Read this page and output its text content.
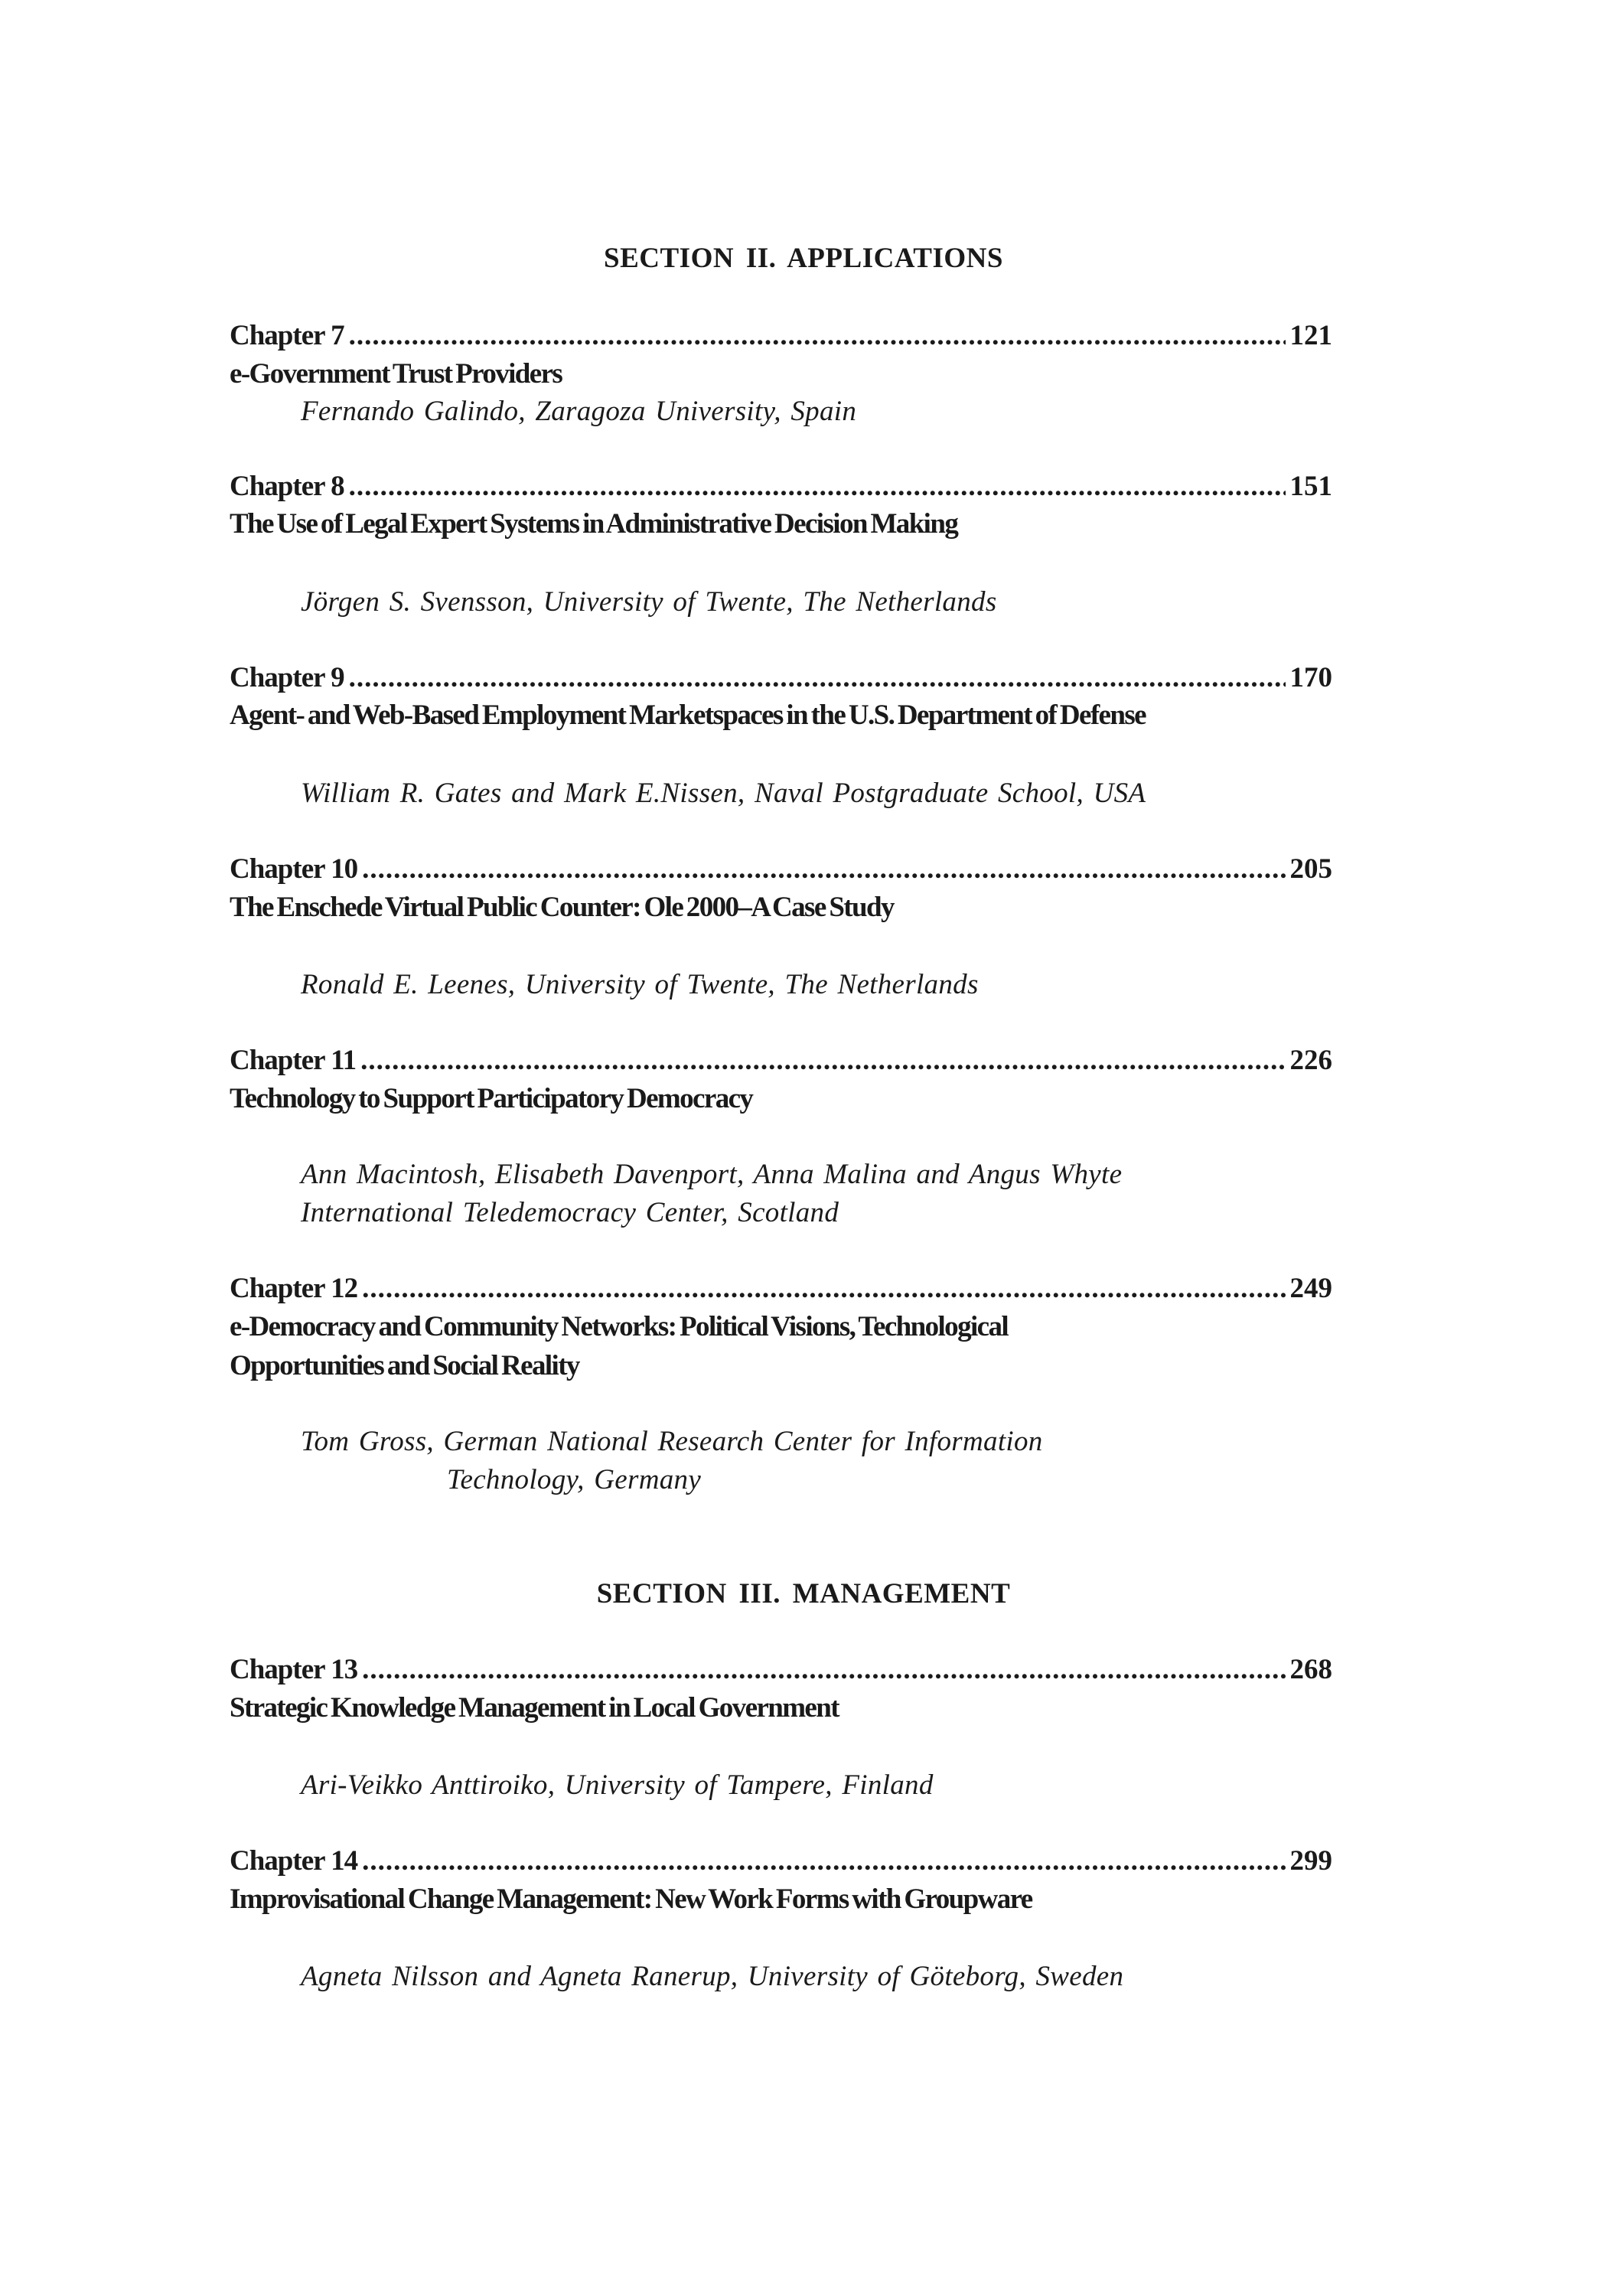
SECTION II. APPLICATIONS
Chapter 7 .....	121
e-Government Trust Providers
Fernando Galindo, Zaragoza University, Spain
Chapter 8 .....	151
The Use of Legal Expert Systems in Administrative Decision Making
Jörgen S. Svensson, University of Twente, The Netherlands
Chapter 9 .....	170
Agent- and Web-Based Employment Marketspaces in the U.S. Department of Defense
William R. Gates and Mark E.Nissen, Naval Postgraduate School, USA
Chapter 10 .....	205
The Enschede Virtual Public Counter: Ole 2000–A Case Study
Ronald E. Leenes, University of Twente, The Netherlands
Chapter 11 .....	226
Technology to Support Participatory Democracy
Ann Macintosh, Elisabeth Davenport, Anna Malina and Angus Whyte
International Teledemocracy Center, Scotland
Chapter 12 .....	249
e-Democracy and Community Networks: Political Visions, Technological
Opportunities and Social Reality
Tom Gross, German National Research Center for Information
Technology, Germany
SECTION III. MANAGEMENT
Chapter 13 .....	268
Strategic Knowledge Management in Local Government
Ari-Veikko Anttiroiko, University of Tampere, Finland
Chapter 14 .....	299
Improvisational Change Management: New Work Forms with Groupware
Agneta Nilsson and Agneta Ranerup, University of Göteborg, Sweden
